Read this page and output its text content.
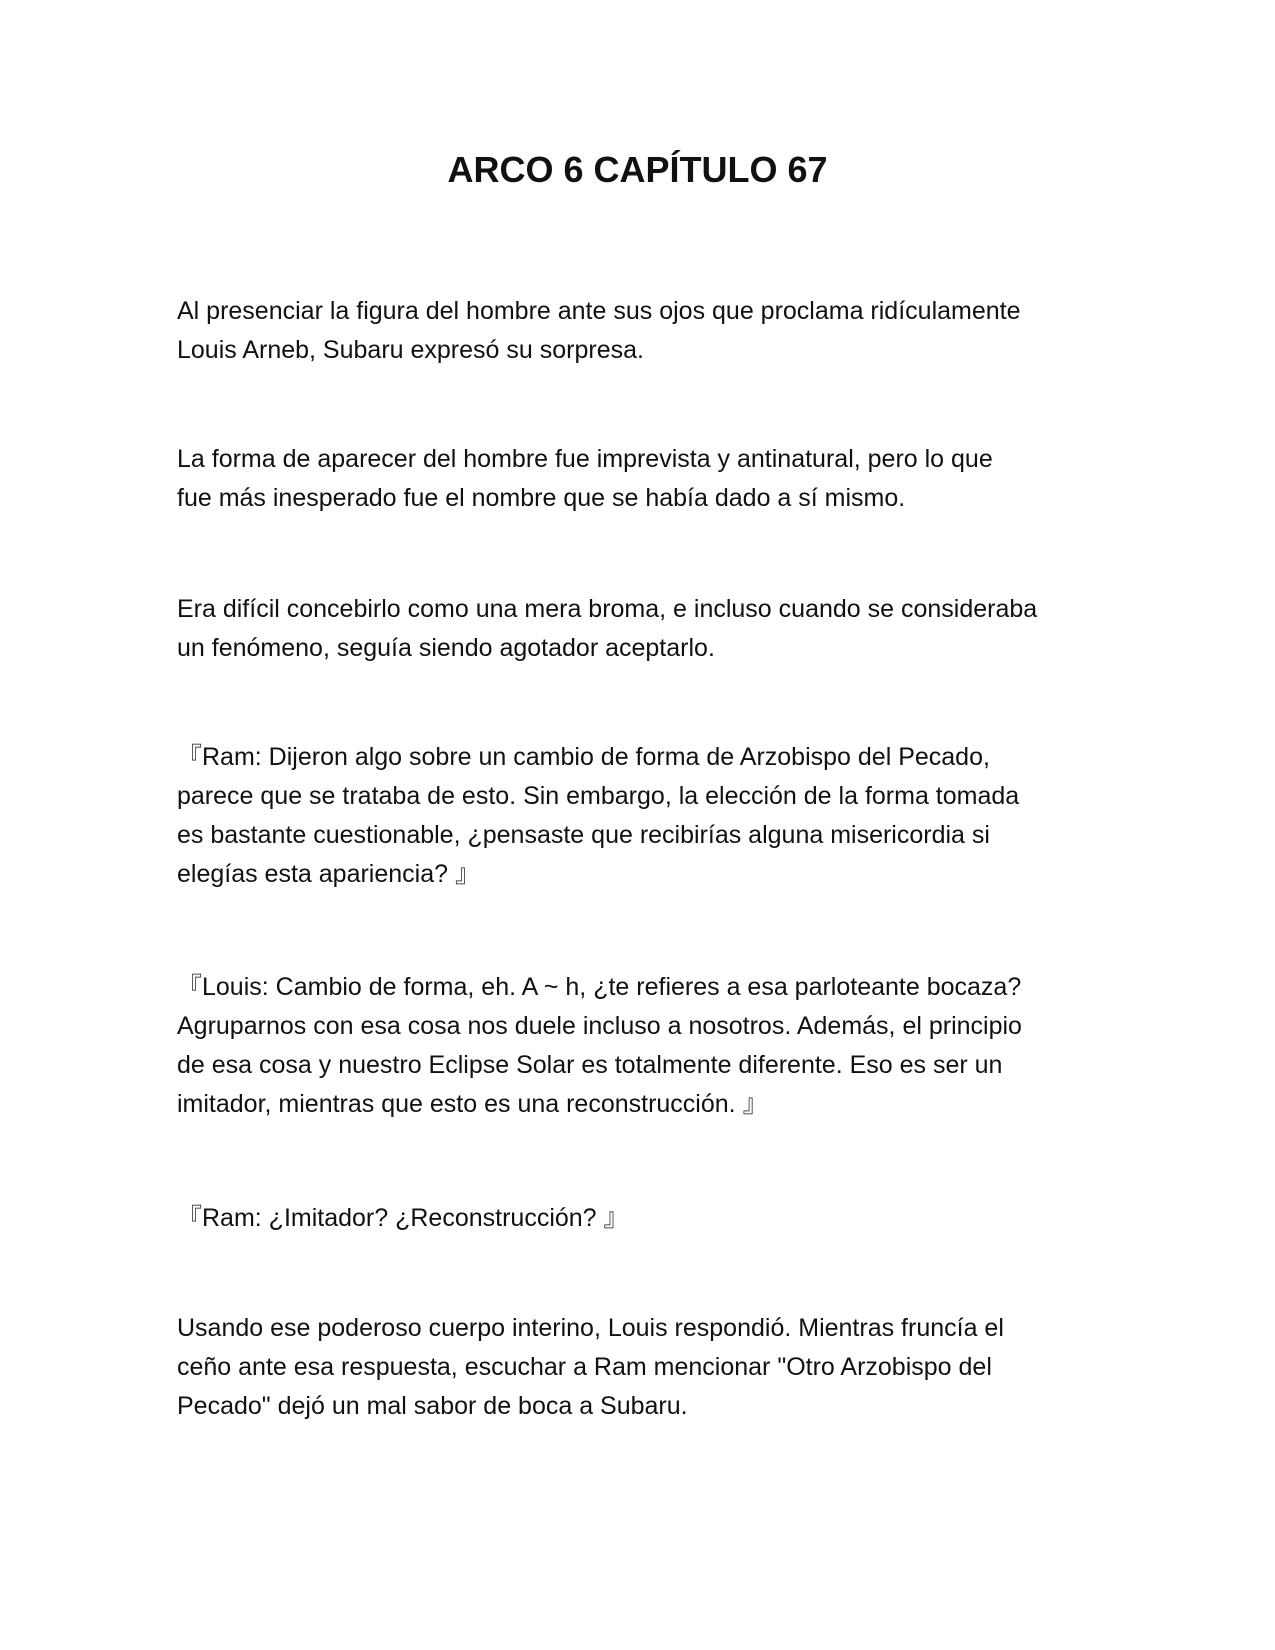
ARCO 6 CAPÍTULO 67

Al presenciar la figura del hombre ante sus ojos que proclama ridículamente
Louis Arneb, Subaru expresó su sorpresa.

La forma de aparecer del hombre fue imprevista y antinatural, pero lo que
fue más inesperado fue el nombre que se había dado a sí mismo.

Era difícil concebirlo como una mera broma, e incluso cuando se consideraba
un fenómeno, seguía siendo agotador aceptarlo.

『Ram: Dijeron algo sobre un cambio de forma de Arzobispo del Pecado,
parece que se trataba de esto. Sin embargo, la elección de la forma tomada
es bastante cuestionable, ¿pensaste que recibirías alguna misericordia si
elegías esta apariencia? 』

『Louis: Cambio de forma, eh. A ~ h, ¿te refieres a esa parloteante bocaza?
Agruparnos con esa cosa nos duele incluso a nosotros. Además, el principio
de esa cosa y nuestro Eclipse Solar es totalmente diferente. Eso es ser un
imitador, mientras que esto es una reconstrucción. 』

『Ram: ¿Imitador? ¿Reconstrucción? 』

Usando ese poderoso cuerpo interino, Louis respondió. Mientras fruncía el
ceño ante esa respuesta, escuchar a Ram mencionar "Otro Arzobispo del
Pecado" dejó un mal sabor de boca a Subaru.
